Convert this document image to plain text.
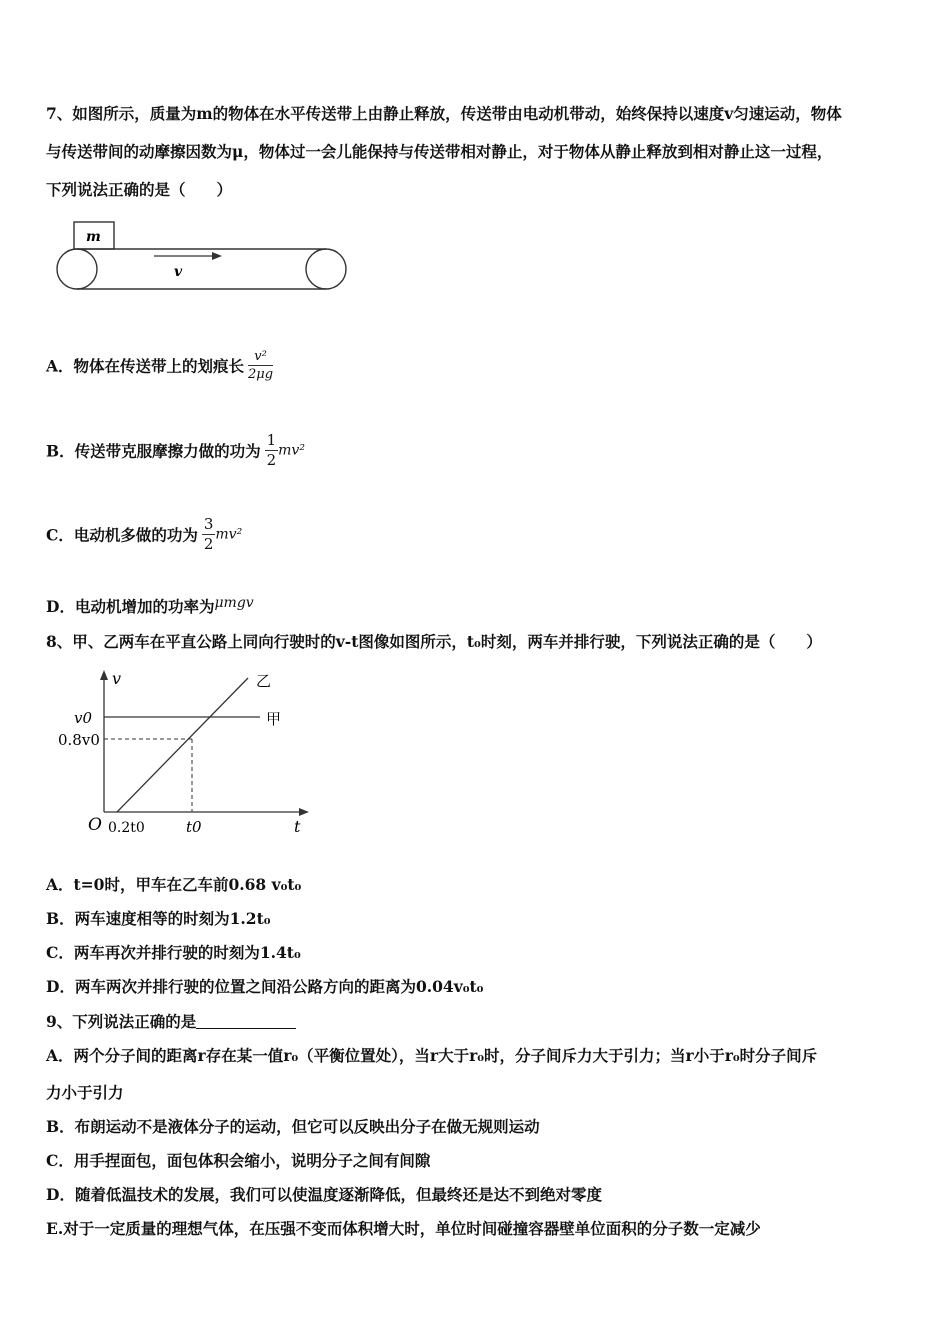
7、如图所示，质量为m的物体在水平传送带上由静止释放，传送带由电动机带动，始终保持以速度v匀速运动，物体
与传送带间的动摩擦因数为μ，物体过一会儿能保持与传送带相对静止，对于物体从静止释放到相对静止这一过程，
下列说法正确的是（　　）
m
v
A．物体在传送带上的划痕长 $\frac{\text{v²}}{2\mu g}$
B．传送带克服摩擦力做的功为 $\frac{1}{2} mv^2$
C．电动机多做的功为 $\frac{3}{2} mv^2$
D．电动机增加的功率为μmgv
8、甲、乙两车在平直公路上同向行驶时的v-t图像如图所示，t₀时刻，两车并排行驶，下列说法正确的是（　　）
v
t
O
甲
乙
v0
0.8v0
0.2t0	t0
A．t=0时，甲车在乙车前0.68 v₀t₀
B．两车速度相等的时刻为1.2t₀
C．两车再次并排行驶的时刻为1.4t₀
D．两车两次并排行驶的位置之间沿公路方向的距离为0.04v₀t₀
9、下列说法正确的是
A．两个分子间的距离r存在某一值r₀（平衡位置处），当r大于r₀时，分子间斥力大于引力；当r小于r₀时分子间斥
力小于引力
B．布朗运动不是液体分子的运动，但它可以反映出分子在做无规则运动
C．用手捏面包，面包体积会缩小，说明分子之间有间隙
D．随着低温技术的发展，我们可以使温度逐渐降低，但最终还是达不到绝对零度
E.对于一定质量的理想气体，在压强不变而体积增大时，单位时间碰撞容器壁单位面积的分子数一定减少
